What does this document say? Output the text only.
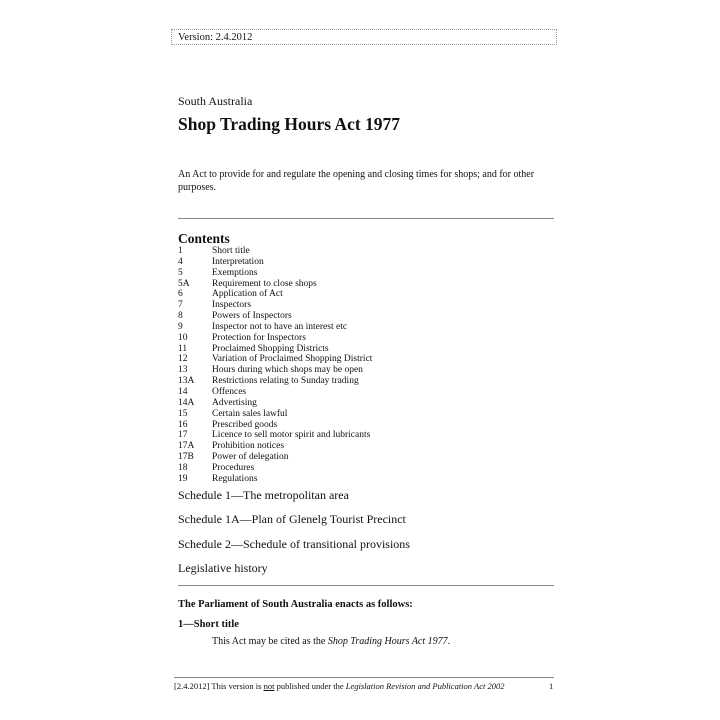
Version: 2.4.2012
South Australia
Shop Trading Hours Act 1977
An Act to provide for and regulate the opening and closing times for shops; and for other purposes.
Contents
1	Short title
4	Interpretation
5	Exemptions
5A	Requirement to close shops
6	Application of Act
7	Inspectors
8	Powers of Inspectors
9	Inspector not to have an interest etc
10	Protection for Inspectors
11	Proclaimed Shopping Districts
12	Variation of Proclaimed Shopping District
13	Hours during which shops may be open
13A	Restrictions relating to Sunday trading
14	Offences
14A	Advertising
15	Certain sales lawful
16	Prescribed goods
17	Licence to sell motor spirit and lubricants
17A	Prohibition notices
17B	Power of delegation
18	Procedures
19	Regulations
Schedule 1—The metropolitan area
Schedule 1A—Plan of Glenelg Tourist Precinct
Schedule 2—Schedule of transitional provisions
Legislative history
The Parliament of South Australia enacts as follows:
1—Short title
This Act may be cited as the Shop Trading Hours Act 1977.
[2.4.2012] This version is not published under the Legislation Revision and Publication Act 2002	1
